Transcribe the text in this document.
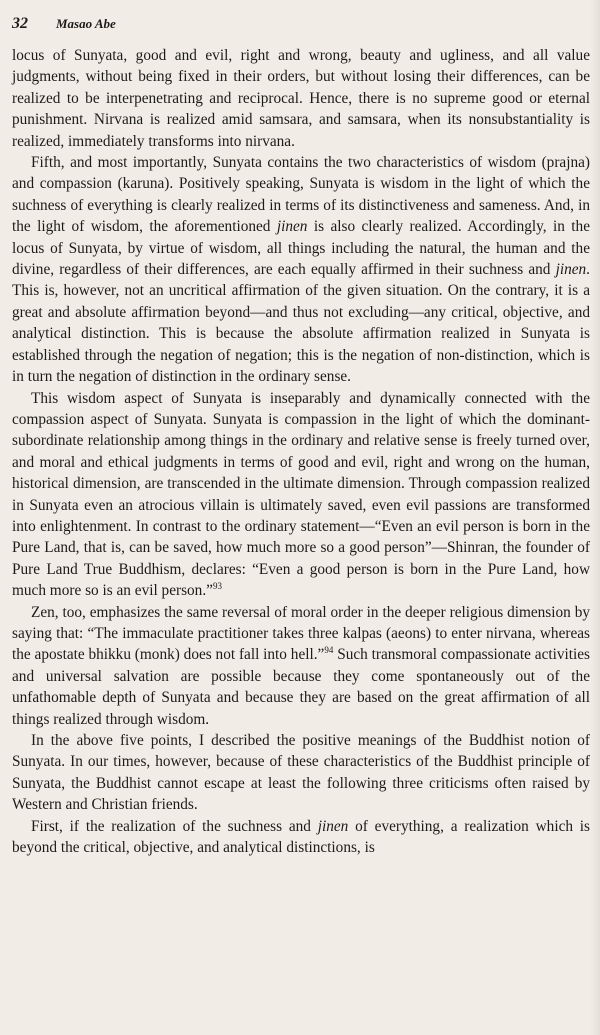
32 Masao Abe

locus of Sunyata, good and evil, right and wrong, beauty and ugliness, and all value judgments, without being fixed in their orders, but without losing their differences, can be realized to be interpenetrating and reciprocal. Hence, there is no supreme good or eternal punishment. Nirvana is realized amid samsara, and samsara, when its nonsubstantiality is realized, immediately transforms into nirvana.

Fifth, and most importantly, Sunyata contains the two characteristics of wisdom (prajna) and compassion (karuna). Positively speaking, Sunyata is wisdom in the light of which the suchness of everything is clearly realized in terms of its distinctiveness and sameness. And, in the light of wisdom, the aforementioned jinen is also clearly realized. Accordingly, in the locus of Sunyata, by virtue of wisdom, all things including the natural, the human and the divine, regardless of their differences, are each equally affirmed in their suchness and jinen. This is, however, not an uncritical affirmation of the given situation. On the contrary, it is a great and absolute affirmation beyond—and thus not excluding—any critical, objective, and analytical distinction. This is because the absolute affirmation realized in Sunyata is established through the negation of negation; this is the negation of non-distinction, which is in turn the negation of distinction in the ordinary sense.

This wisdom aspect of Sunyata is inseparably and dynamically connected with the compassion aspect of Sunyata. Sunyata is compassion in the light of which the dominant-subordinate relationship among things in the ordinary and relative sense is freely turned over, and moral and ethical judgments in terms of good and evil, right and wrong on the human, historical dimension, are transcended in the ultimate dimension. Through compassion realized in Sunyata even an atrocious villain is ultimately saved, even evil passions are transformed into enlightenment. In contrast to the ordinary statement—“Even an evil person is born in the Pure Land, that is, can be saved, how much more so a good person”—Shinran, the founder of Pure Land True Buddhism, declares: “Even a good person is born in the Pure Land, how much more so is an evil person.”$^{93}$

Zen, too, emphasizes the same reversal of moral order in the deeper religious dimension by saying that: “The immaculate practitioner takes three kalpas (aeons) to enter nirvana, whereas the apostate bhikku (monk) does not fall into hell.”$^{94}$ Such transmoral compassionate activities and universal salvation are possible because they come spontaneously out of the unfathomable depth of Sunyata and because they are based on the great affirmation of all things realized through wisdom.

In the above five points, I described the positive meanings of the Buddhist notion of Sunyata. In our times, however, because of these characteristics of the Buddhist principle of Sunyata, the Buddhist cannot escape at least the following three criticisms often raised by Western and Christian friends.

First, if the realization of the suchness and jinen of everything, a realization which is beyond the critical, objective, and analytical distinctions, is
